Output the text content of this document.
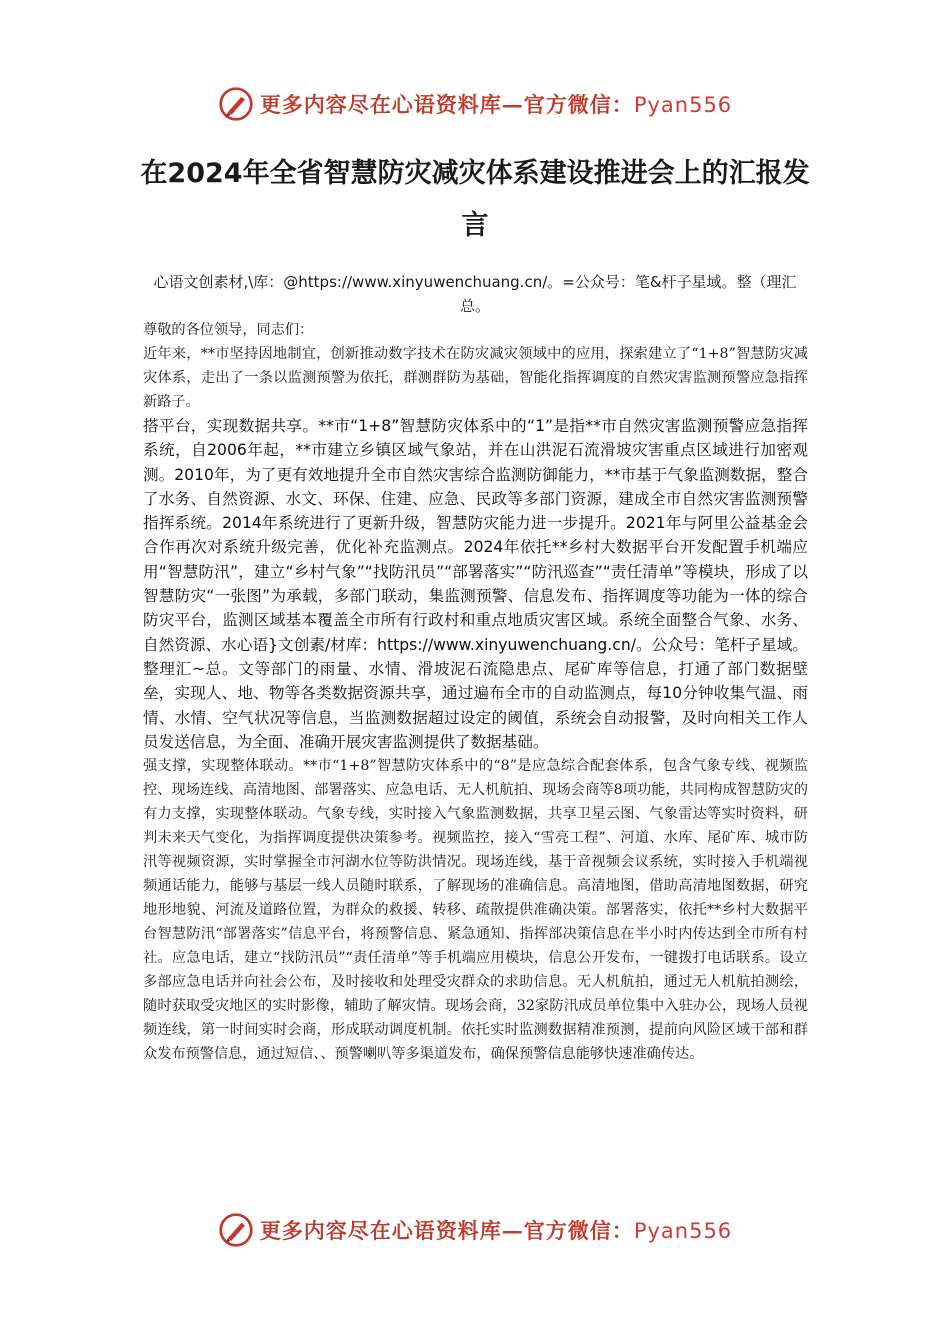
更多内容尽在心语资料库—官方微信：Pyan556
在2024年全省智慧防灾减灾体系建设推进会上的汇报发言
心语文创素材,\库：@https://www.xinyuwenchuang.cn/。=公众号：笔&杆子星域。整（理汇总。

尊敬的各位领导，同志们：

近年来，**市坚持因地制宜，创新推动数字技术在防灾减灾领域中的应用，探索建立了“1+8”智慧防灾减灾体系，走出了一条以监测预警为依托，群测群防为基础，智能化指挥调度的自然灾害监测预警应急指挥新路子。

搭平台，实现数据共享。**市“1+8”智慧防灾体系中的“1”是指**市自然灾害监测预警应急指挥系统，自2006年起，**市建立乡镇区域气象站，并在山洪泥石流滑坡灾害重点区域进行加密观测。2010年，为了更有效地提升全市自然灾害综合监测防御能力，**市基于气象监测数据，整合了水务、自然资源、水文、环保、住建、应急、民政等多部门资源，建成全市自然灾害监测预警指挥系统。2014年系统进行了更新升级，智慧防灾能力进一步提升。2021年与阿里公益基金会合作再次对系统升级完善，优化补充监测点。2024年依托**乡村大数据平台开发配置手机端应用“智慧防汛”，建立“乡村气象”“找防汛员”“部署落实”“防汛巡查”“责任清单”等模块，形成了以智慧防灾“一张图”为承载，多部门联动，集监测预警、信息发布、指挥调度等功能为一体的综合防灾平台，监测区域基本覆盖全市所有行政村和重点地质灾害区域。系统全面整合气象、水务、自然资源、水心语}文创素/材库：https://www.xinyuwenchuang.cn/。公众号：笔杆子星域。整理汇~总。文等部门的雨量、水情、滑坡泥石流隐患点、尾矿库等信息，打通了部门数据壁垒，实现人、地、物等各类数据资源共享，通过遍布全市的自动监测点，每10分钟收集气温、雨情、水情、空气状况等信息，当监测数据超过设定的阈值，系统会自动报警，及时向相关工作人员发送信息，为全面、准确开展灾害监测提供了数据基础。

强支撑，实现整体联动。**市“1+8”智慧防灾体系中的“8”是应急综合配套体系，包含气象专线、视频监控、现场连线、高清地图、部署落实、应急电话、无人机航拍、现场会商等8项功能，共同构成智慧防灾的有力支撑，实现整体联动。气象专线，实时接入气象监测数据，共享卫星云图、气象雷达等实时资料，研判未来天气变化，为指挥调度提供决策参考。视频监控，接入“雪亮工程”、河道、水库、尾矿库、城市防汛等视频资源，实时掌握全市河湖水位等防洪情况。现场连线，基于音视频会议系统，实时接入手机端视频通话能力，能够与基层一线人员随时联系，了解现场的准确信息。高清地图，借助高清地图数据，研究地形地貌、河流及道路位置，为群众的救援、转移、疏散提供准确决策。部署落实，依托**乡村大数据平台智慧防汛“部署落实”信息平台，将预警信息、紧急通知、指挥部决策信息在半小时内传达到全市所有村社。应急电话，建立“找防汛员”“责任清单”等手机端应用模块，信息公开发布，一键拨打电话联系。设立多部应急电话并向社会公布，及时接收和处理受灾群众的求助信息。无人机航拍，通过无人机航拍测绘，随时获取受灾地区的实时影像，辅助了解灾情。现场会商，32家防汛成员单位集中入驻办公，现场人员视频连线，第一时间实时会商，形成联动调度机制。依托实时监测数据精准预测，提前向风险区域干部和群众发布预警信息，通过短信、、预警喇叭等多渠道发布，确保预警信息能够快速准确传达。

更多内容尽在心语资料库—官方微信：Pyan556
